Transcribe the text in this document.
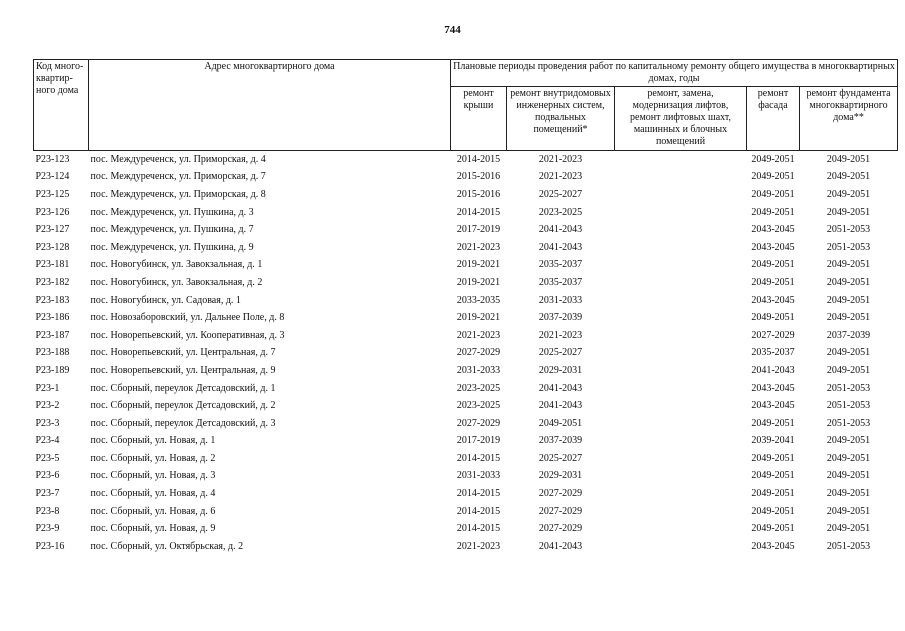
744
Код много-квартир-ного дома	Адрес многоквартирного дома	Плановые периоды проведения работ по капитальному ремонту общего имущества в многоквартирных домах, годы				
		ремонт крыши	ремонт внутридомовых инженерных систем, подвальных помещений*	ремонт, замена, модернизация лифтов, ремонт лифтовых шахт, машинных и блочных помещений	ремонт фасада	ремонт фундамента многоквартирного дома**
Р23-123	пос. Междуреченск, ул. Приморская, д. 4	2014-2015	2021-2023		2049-2051	2049-2051
Р23-124	пос. Междуреченск, ул. Приморская, д. 7	2015-2016	2021-2023		2049-2051	2049-2051
Р23-125	пос. Междуреченск, ул. Приморская, д. 8	2015-2016	2025-2027		2049-2051	2049-2051
Р23-126	пос. Междуреченск, ул. Пушкина, д. 3	2014-2015	2023-2025		2049-2051	2049-2051
Р23-127	пос. Междуреченск, ул. Пушкина, д. 7	2017-2019	2041-2043		2043-2045	2051-2053
Р23-128	пос. Междуреченск, ул. Пушкина, д. 9	2021-2023	2041-2043		2043-2045	2051-2053
Р23-181	пос. Новогубинск, ул. Завокзальная, д. 1	2019-2021	2035-2037		2049-2051	2049-2051
Р23-182	пос. Новогубинск, ул. Завокзальная, д. 2	2019-2021	2035-2037		2049-2051	2049-2051
Р23-183	пос. Новогубинск, ул. Садовая, д. 1	2033-2035	2031-2033		2043-2045	2049-2051
Р23-186	пос. Новозаборовский, ул. Дальнее Поле, д. 8	2019-2021	2037-2039		2049-2051	2049-2051
Р23-187	пос. Новорепьевский, ул. Кооперативная, д. 3	2021-2023	2021-2023		2027-2029	2037-2039
Р23-188	пос. Новорепьевский, ул. Центральная, д. 7	2027-2029	2025-2027		2035-2037	2049-2051
Р23-189	пос. Новорепьевский, ул. Центральная, д. 9	2031-2033	2029-2031		2041-2043	2049-2051
Р23-1	пос. Сборный, переулок Детсадовский, д. 1	2023-2025	2041-2043		2043-2045	2051-2053
Р23-2	пос. Сборный, переулок Детсадовский, д. 2	2023-2025	2041-2043		2043-2045	2051-2053
Р23-3	пос. Сборный, переулок Детсадовский, д. 3	2027-2029	2049-2051		2049-2051	2051-2053
Р23-4	пос. Сборный, ул. Новая, д. 1	2017-2019	2037-2039		2039-2041	2049-2051
Р23-5	пос. Сборный, ул. Новая, д. 2	2014-2015	2025-2027		2049-2051	2049-2051
Р23-6	пос. Сборный, ул. Новая, д. 3	2031-2033	2029-2031		2049-2051	2049-2051
Р23-7	пос. Сборный, ул. Новая, д. 4	2014-2015	2027-2029		2049-2051	2049-2051
Р23-8	пос. Сборный, ул. Новая, д. 6	2014-2015	2027-2029		2049-2051	2049-2051
Р23-9	пос. Сборный, ул. Новая, д. 9	2014-2015	2027-2029		2049-2051	2049-2051
Р23-16	пос. Сборный, ул. Октябрьская, д. 2	2021-2023	2041-2043		2043-2045	2051-2053
